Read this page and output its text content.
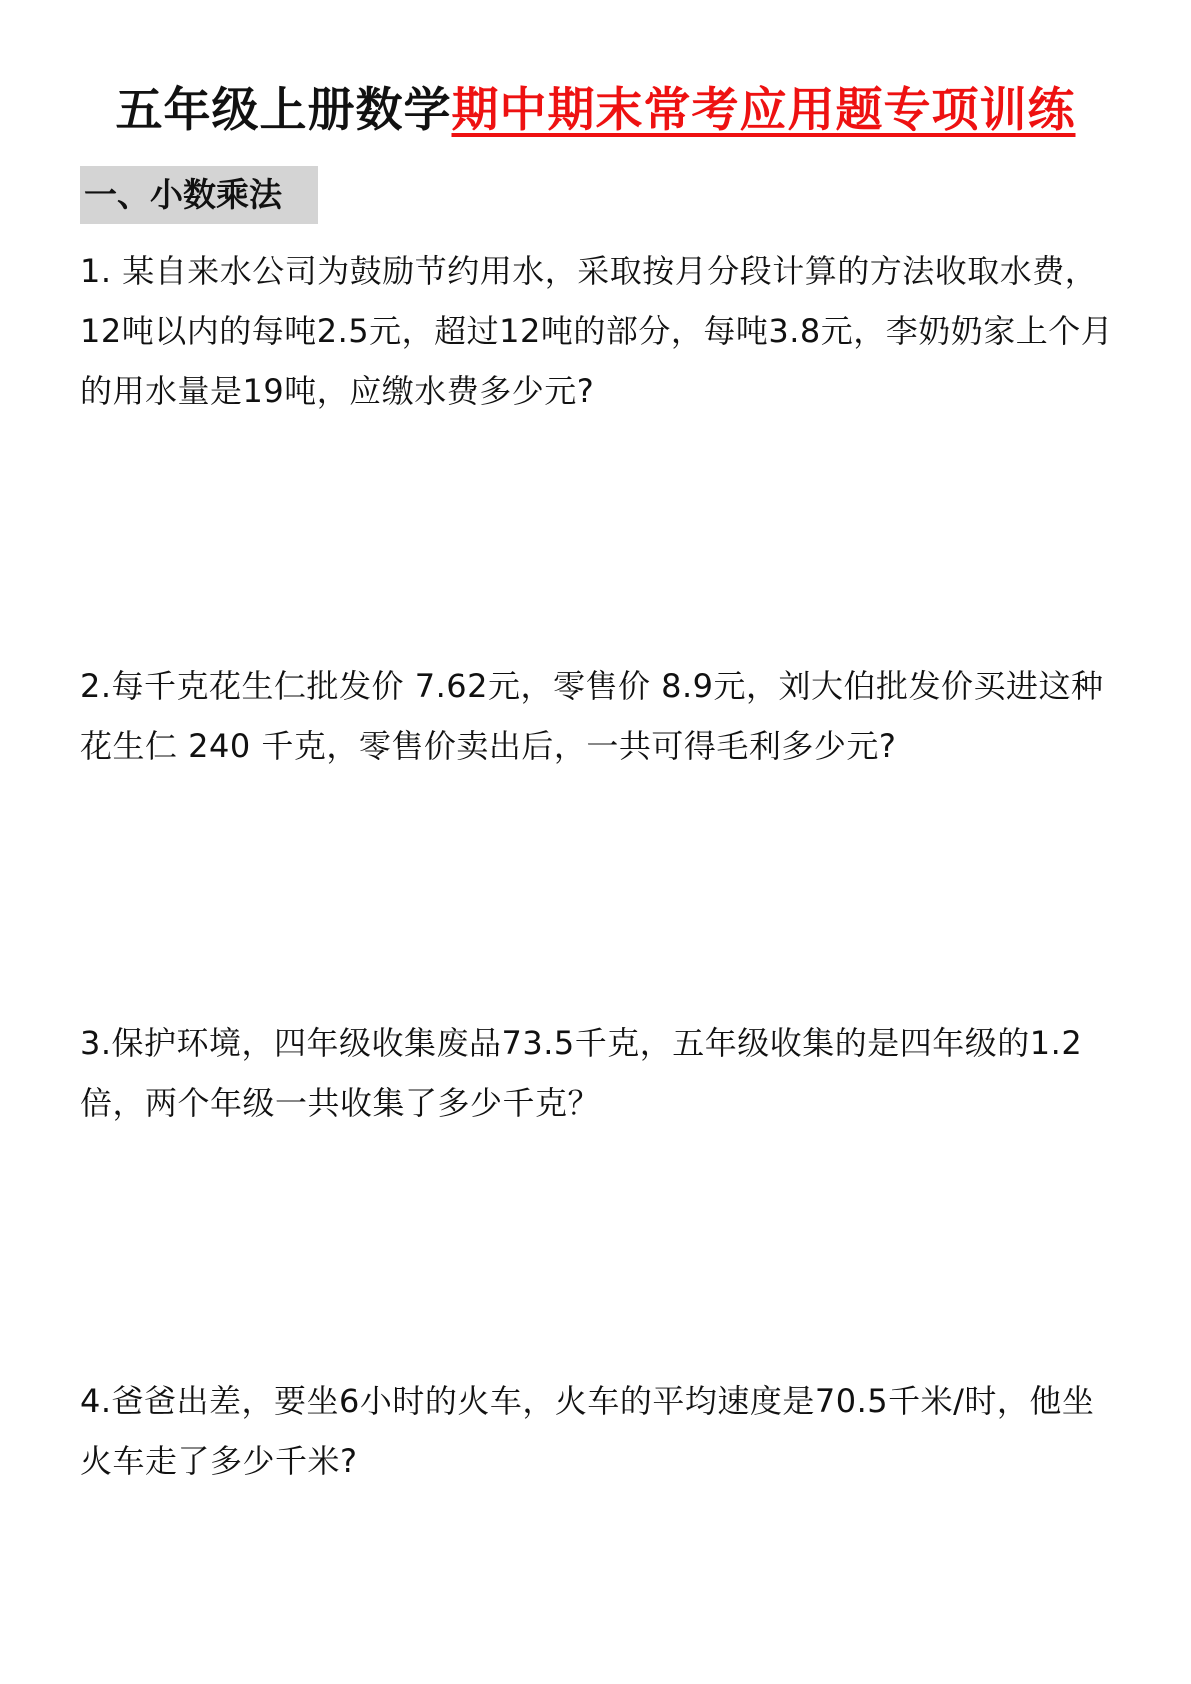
五年级上册数学期中期末常考应用题专项训练
一、小数乘法

1. 某自来水公司为鼓励节约用水，采取按月分段计算的方法收取水费，12吨以内的每吨2.5元，超过12吨的部分，每吨3.8元，李奶奶家上个月的用水量是19吨，应缴水费多少元?

2.每千克花生仁批发价 7.62元，零售价 8.9元，刘大伯批发价买进这种花生仁 240 千克，零售价卖出后，一共可得毛利多少元?

3.保护环境，四年级收集废品73.5千克，五年级收集的是四年级的1.2倍，两个年级一共收集了多少千克？

4.爸爸出差，要坐6小时的火车，火车的平均速度是70.5千米/时，他坐火车走了多少千米?
